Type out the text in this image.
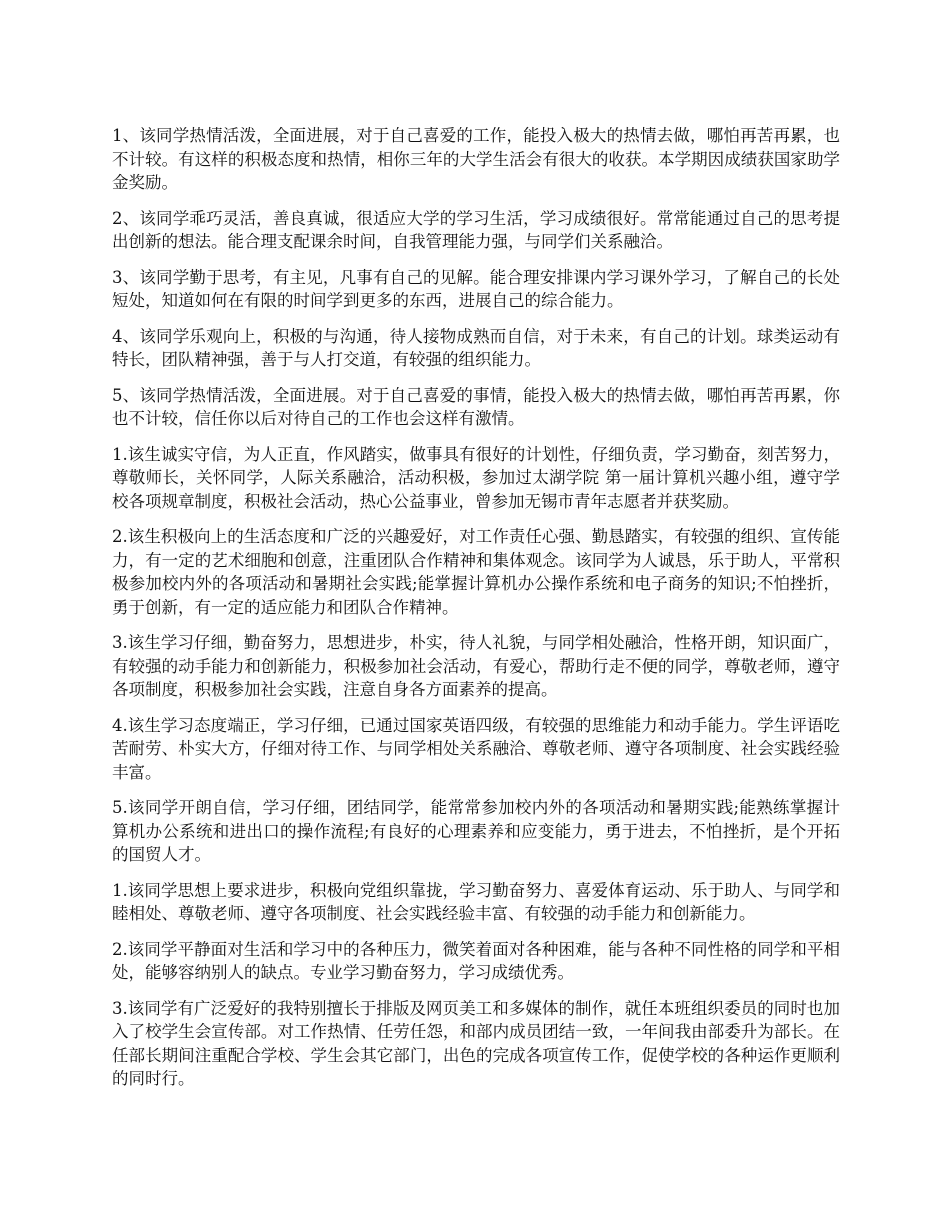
1、该同学热情活泼，全面进展，对于自己喜爱的工作，能投入极大的热情去做，哪怕再苦再累，也不计较。有这样的积极态度和热情，相你三年的大学生活会有很大的收获。本学期因成绩获国家助学金奖励。

2、该同学乖巧灵活，善良真诚，很适应大学的学习生活，学习成绩很好。常常能通过自己的思考提出创新的想法。能合理支配课余时间，自我管理能力强，与同学们关系融洽。

3、该同学勤于思考，有主见，凡事有自己的见解。能合理安排课内学习课外学习，了解自己的长处短处，知道如何在有限的时间学到更多的东西，进展自己的综合能力。

4、该同学乐观向上，积极的与沟通，待人接物成熟而自信，对于未来，有自己的计划。球类运动有特长，团队精神强，善于与人打交道，有较强的组织能力。

5、该同学热情活泼，全面进展。对于自己喜爱的事情，能投入极大的热情去做，哪怕再苦再累，你也不计较，信任你以后对待自己的工作也会这样有激情。

1.该生诚实守信，为人正直，作风踏实，做事具有很好的计划性，仔细负责，学习勤奋，刻苦努力，尊敬师长，关怀同学，人际关系融洽，活动积极，参加过太湖学院 第一届计算机兴趣小组，遵守学校各项规章制度，积极社会活动，热心公益事业，曾参加无锡市青年志愿者并获奖励。

2.该生积极向上的生活态度和广泛的兴趣爱好，对工作责任心强、勤恳踏实，有较强的组织、宣传能力，有一定的艺术细胞和创意，注重团队合作精神和集体观念。该同学为人诚恳，乐于助人，平常积极参加校内外的各项活动和暑期社会实践;能掌握计算机办公操作系统和电子商务的知识;不怕挫折，勇于创新，有一定的适应能力和团队合作精神。

3.该生学习仔细，勤奋努力，思想进步，朴实，待人礼貌，与同学相处融洽，性格开朗，知识面广，有较强的动手能力和创新能力，积极参加社会活动，有爱心，帮助行走不便的同学，尊敬老师，遵守各项制度，积极参加社会实践，注意自身各方面素养的提高。

4.该生学习态度端正，学习仔细，已通过国家英语四级，有较强的思维能力和动手能力。学生评语吃苦耐劳、朴实大方，仔细对待工作、与同学相处关系融洽、尊敬老师、遵守各项制度、社会实践经验丰富。

5.该同学开朗自信，学习仔细，团结同学，能常常参加校内外的各项活动和暑期实践;能熟练掌握计算机办公系统和进出口的操作流程;有良好的心理素养和应变能力，勇于进去，不怕挫折，是个开拓的国贸人才。

1.该同学思想上要求进步，积极向党组织靠拢，学习勤奋努力、喜爱体育运动、乐于助人、与同学和睦相处、尊敬老师、遵守各项制度、社会实践经验丰富、有较强的动手能力和创新能力。

2.该同学平静面对生活和学习中的各种压力，微笑着面对各种困难，能与各种不同性格的同学和平相处，能够容纳别人的缺点。专业学习勤奋努力，学习成绩优秀。

3.该同学有广泛爱好的我特别擅长于排版及网页美工和多媒体的制作，就任本班组织委员的同时也加入了校学生会宣传部。对工作热情、任劳任怨，和部内成员团结一致，一年间我由部委升为部长。在任部长期间注重配合学校、学生会其它部门，出色的完成各项宣传工作，促使学校的各种运作更顺利的同时行。
